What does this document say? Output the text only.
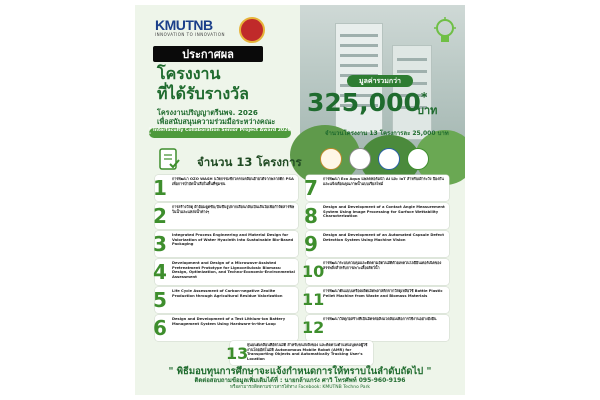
KMUTNB
INNOVATION TO INNOVATION
ประกาศผล
โครงงาน
ที่ได้รับรางวัล
โครงงานปริญญาตรีนพจ. 2026
เพื่อสนับสนุนความร่วมมือระหว่างคณะ
" Interfaculty Collaboration Senior Project Award 2026 "
มูลค่ารวมกว่า
325,000 *
บาท
จำนวนโครงงาน 13 โครงการละ 25,000 บาท
จำนวน 13 โครงการ
1	การพัฒนา OZO WASH นวัตกรรมชักโครกเคลื่อนย้ายได้จากพลาสติก PSA เพื่อการบำบัดน้ำเสียในพื้นที่ชุมชน
2	การสร้างวัสดุ ผ้าอ้อมดูดซับ/ปั้นขึ้นรูปจากเสียนกลับเป็นเส้นใยเพื่อกำจัดสารพิษในน้ำและแหล่งน้ำต่างๆ
3	Integrated Process Engineering and Material Design for Valorization of Water Hyacinth into Sustainable Bio-Based Packaging
4	Development and Design of a Microwave-Assisted Pretreatment Prototype for Lignocellulosic Biomass: Design, Optimization, and Techno-Economic-Environmental Assessment
5	Life Cycle Assessment of Carbon-negative Zeolite Production through Agricultural Residue Valorization
6	Design and Development of a Test Lithium-Ion Battery Management System Using Hardware-in-the-Loop
7	การพัฒนา Eco Aqua แพลตฟอร์มน้ำ AI และ IoT สำหรับเฝ้าระวัง ป้องกัน และแจ้งเตือนคุณภาพน้ำแบบเรียลไทม์
8	Design and Development of a Contact Angle Measurement System Using Image Processing for Surface Wettability Characterization
9	Design and Development of an Automated Capsule Defect Detection System Using Machine Vision
10
การพัฒนาระบบควบคุมและติดตามอัตโนมัติด้วยเทคโนโลยีอินเตอร์เน็ตของสรรพสิ่งสำหรับการเพาะเลี้ยงสัตว์น้ำ
11
การพัฒนาต้นแบบเครื่องผลิตเม็ดพลาสติกจากวัสดุเหลือใช้ Bottle Plastic Pellet Machine from Waste and Biomass Materials
12
การพัฒนาวัสดุก่อสร้างที่เป็นมิตรต่อสิ่งแวดล้อมเพื่อการใช้งานอย่างยั่งยืน
13
หุ่นยนต์เคลื่อนที่อัตโนมัติ สำหรับขนส่งสิ่งของ และติดตามตำแหน่งบุคคลผู้ใช้งานโดยอัตโนมัติ Autonomous Mobile Robot (AMR) for Transporting Objects and Automatically Tracking User's Location
" พิธีมอบทุนการศึกษาจะแจ้งกำหนดการให้ทราบในลำดับถัดไป "
ติดต่อสอบถามข้อมูลเพิ่มเติมได้ที่ : นายกล้าแกร่ง ศาวิ โทรศัพท์ 095-960-9196
หรือสามารถติดตามข่าวสารได้ทาง Facebook: KMUTNB Techno Park
